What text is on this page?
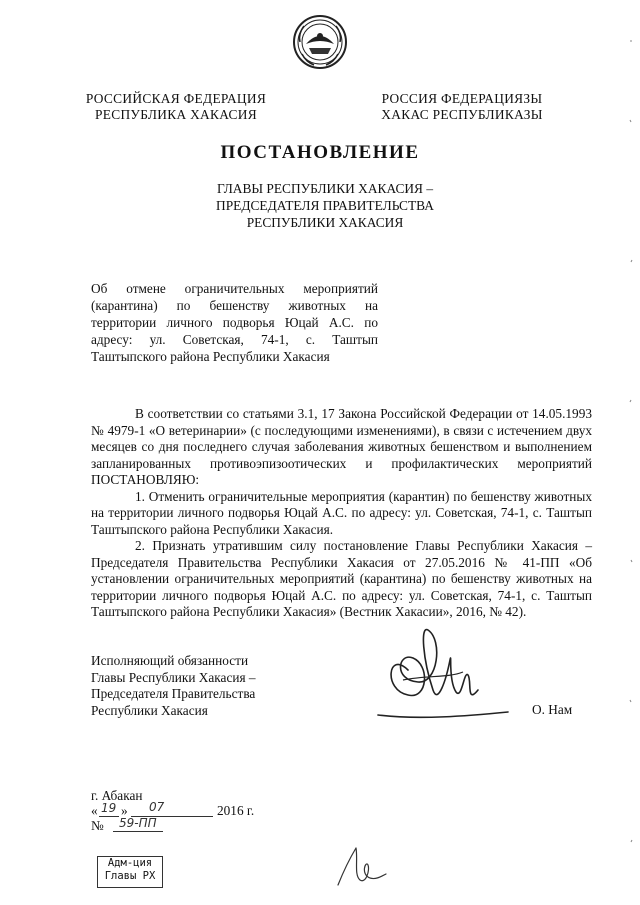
РОССИЙСКАЯ ФЕДЕРАЦИЯ
РЕСПУБЛИКА ХАКАСИЯ
РОССИЯ ФЕДЕРАЦИЯЗЫ
ХАКАС РЕСПУБЛИКАЗЫ
ПОСТАНОВЛЕНИЕ
ГЛАВЫ РЕСПУБЛИКИ ХАКАСИЯ –
ПРЕДСЕДАТЕЛЯ ПРАВИТЕЛЬСТВА
РЕСПУБЛИКИ ХАКАСИЯ
Об отмене ограничительных мероприятий (карантина) по бешенству животных на территории личного подворья Юцай А.С. по адресу: ул. Советская, 74-1, с. Таштып Таштыпского района Республики Хакасия

В соответствии со статьями 3.1, 17 Закона Российской Федерации от 14.05.1993 № 4979-1 «О ветеринарии» (с последующими изменениями), в связи с истечением двух месяцев со дня последнего случая заболевания животных бешенством и выполнением запланированных противоэпизоотических и профилактических мероприятий ПОСТАНОВЛЯЮ:

1. Отменить ограничительные мероприятия (карантин) по бешенству животных на территории личного подворья Юцай А.С. по адресу: ул. Советская, 74-1, с. Таштып Таштыпского района Республики Хакасия.

2. Признать утратившим силу постановление Главы Республики Хакасия – Председателя Правительства Республики Хакасия от 27.05.2016 № 41-ПП «Об установлении ограничительных мероприятий (карантина) по бешенству животных на территории личного подворья Юцай А.С. по адресу: ул. Советская, 74-1, с. Таштып Таштыпского района Республики Хакасия» (Вестник Хакасии», 2016, № 42).

Исполняющий обязанности
Главы Республики Хакасия –
Председателя Правительства
Республики Хакасия	О. Нам
г. Абакан
« 19 » 07	2016 г.
№ 59-ПП
Адм-ция
Главы РХ
